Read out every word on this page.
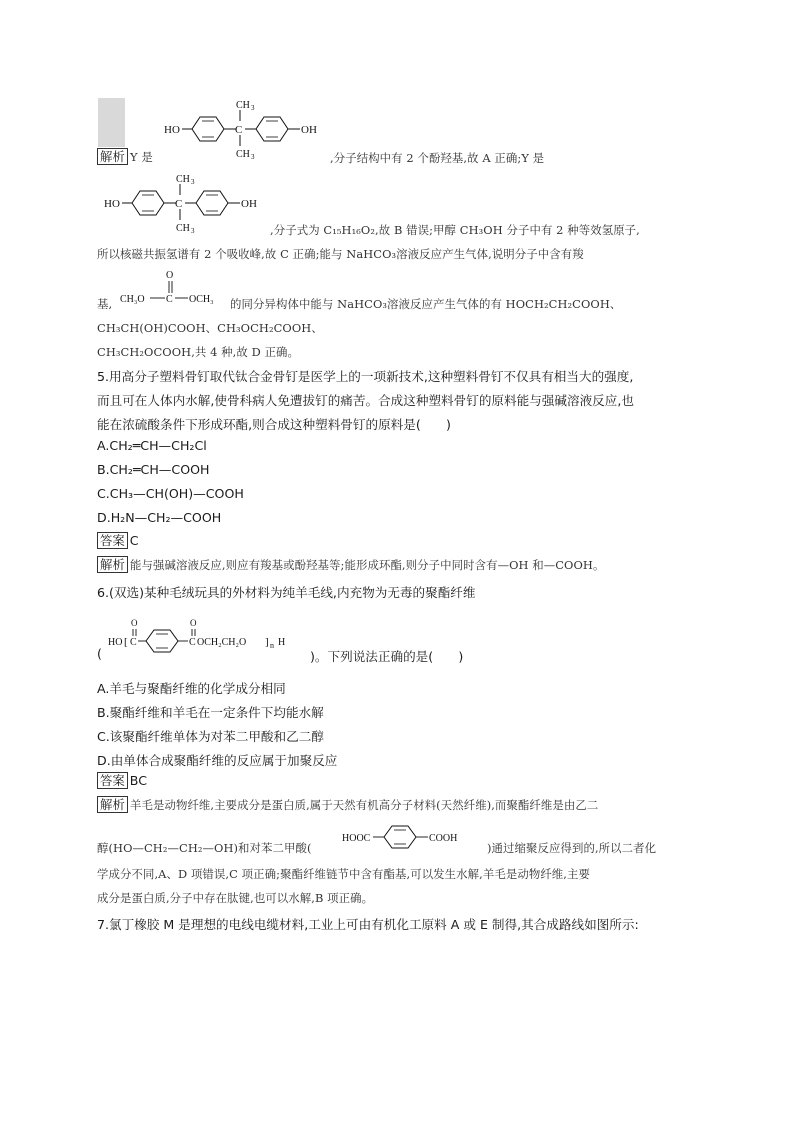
HO	C
CH 3
CH 3
OH
解析 Y 是	,分子结构中有 2 个酚羟基,故 A 正确;Y 是
HO	C
CH 3
CH 3
OH
,分子式为 C₁₅H₁₆O₂,故 B 错误;甲醇 CH₃OH 分子中有 2 种等效氢原子,
所以核磁共振氢谱有 2 个吸收峰,故 C 正确;能与 NaHCO₃溶液反应产生气体,说明分子中含有羧
基,
O
CH₃O C OCH₃ 的同分异构体中能与 NaHCO₃溶液反应产生气体的有 HOCH₂CH₂COOH、
CH₃CH(OH)COOH、CH₃OCH₂COOH、
CH₃CH₂OCOOH,共 4 种,故 D 正确。
5.用高分子塑料骨钉取代钛合金骨钉是医学上的一项新技术,这种塑料骨钉不仅具有相当大的强度,
而且可在人体内水解,使骨科病人免遭拔钉的痛苦。合成这种塑料骨钉的原料能与强碱溶液反应,也
能在浓硫酸条件下形成环酯,则合成这种塑料骨钉的原料是(　　)
A.CH₂═CH—CH₂Cl
B.CH₂═CH—COOH
C.CH₃—CH(OH)—COOH
D.H₂N—CH₂—COOH
答案 C
解析 能与强碱溶液反应,则应有羧基或酚羟基等;能形成环酯,则分子中同时含有—OH 和—COOH。
6.(双选)某种毛绒玩具的外材料为纯羊毛线,内充物为无毒的聚酯纤维
(
HO [ C
O
C
O
OCH₂CH₂O ] n H
)。下列说法正确的是(　　)
A.羊毛与聚酯纤维的化学成分相同
B.聚酯纤维和羊毛在一定条件下均能水解
C.该聚酯纤维单体为对苯二甲酸和乙二醇
D.由单体合成聚酯纤维的反应属于加聚反应
答案 BC
解析 羊毛是动物纤维,主要成分是蛋白质,属于天然有机高分子材料(天然纤维),而聚酯纤维是由乙二
醇(HO—CH₂—CH₂—OH)和对苯二甲酸(
HOOC	COOH
)通过缩聚反应得到的,所以二者化
学成分不同,A、D 项错误,C 项正确;聚酯纤维链节中含有酯基,可以发生水解,羊毛是动物纤维,主要
成分是蛋白质,分子中存在肽键,也可以水解,B 项正确。
7.氯丁橡胶 M 是理想的电线电缆材料,工业上可由有机化工原料 A 或 E 制得,其合成路线如图所示:
